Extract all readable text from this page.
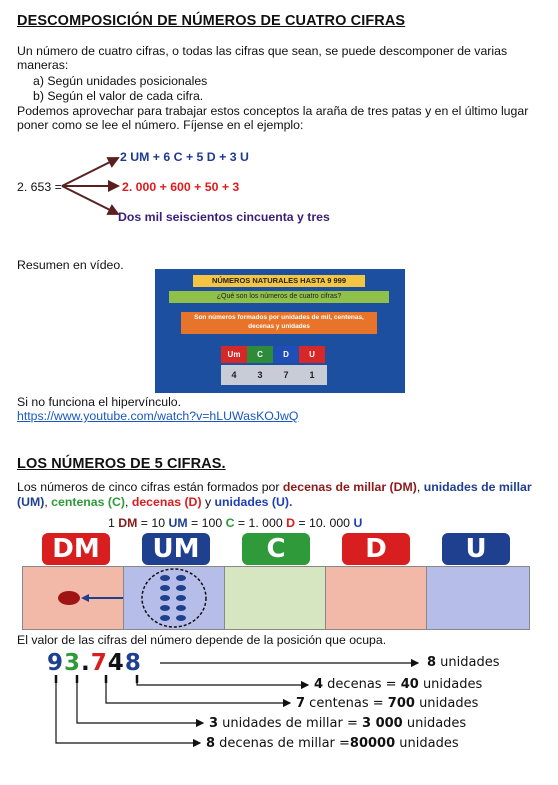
DESCOMPOSICIÓN DE NÚMEROS DE CUATRO CIFRAS
Un número de cuatro cifras, o todas las cifras que sean, se puede descomponer de varias maneras:
a) Según unidades posicionales
b) Según el valor de cada cifra.
Podemos aprovechar para trabajar estos conceptos la araña de tres patas y en el último lugar poner como se lee el número. Fíjense en el ejemplo:
2. 653 =
2 UM + 6 C + 5 D + 3 U
2. 000 + 600 + 50 + 3
Dos mil seiscientos cincuenta y tres
Resumen en vídeo.
NÚMEROS NATURALES HASTA 9 999
¿Qué son los números de cuatro cifras?
Son números formados por unidades de mil, centenas, decenas y unidades
Um C	D	U
4 3 7 1
Si no funciona el hipervínculo.
https://www.youtube.com/watch?v=hLUWasKOJwQ
LOS NÚMEROS DE 5 CIFRAS.
Los números de cinco cifras están formados por decenas de millar (DM), unidades de millar (UM), centenas (C), decenas (D) y unidades (U).
1 DM = 10 UM = 100 C = 1. 000 D = 10. 000 U
DM	UM	C	D	U
El valor de las cifras del número depende de la posición que ocupa.
93.748	8 unidades
4 decenas = 40 unidades
7 centenas = 700 unidades
3 unidades de millar = 3 000 unidades
8 decenas de millar =80000 unidades
